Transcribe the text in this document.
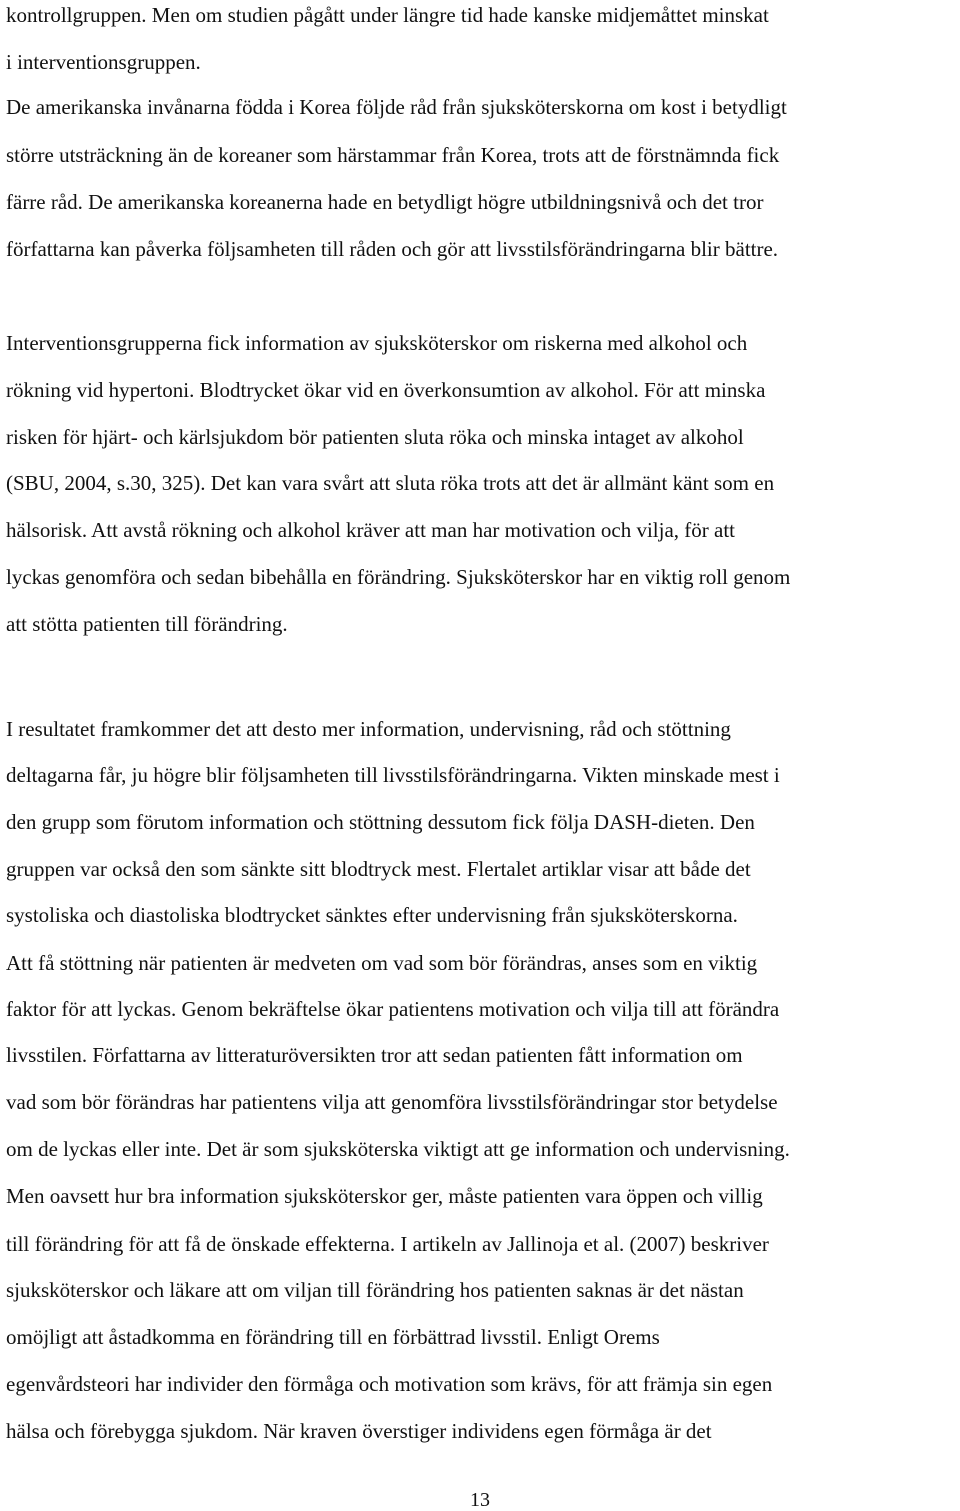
kontrollgruppen. Men om studien pågått under längre tid hade kanske midjemåttet minskat

i interventionsgruppen.

De amerikanska invånarna födda i Korea följde råd från sjuksköterskorna om kost i betydligt

större utsträckning än de koreaner som härstammar från Korea, trots att de förstnämnda fick

färre råd. De amerikanska koreanerna hade en betydligt högre utbildningsnivå och det tror

författarna kan påverka följsamheten till råden och gör att livsstilsförändringarna blir bättre.

Interventionsgrupperna fick information av sjuksköterskor om riskerna med alkohol och

rökning vid hypertoni. Blodtrycket ökar vid en överkonsumtion av alkohol. För att minska

risken för hjärt- och kärlsjukdom bör patienten sluta röka och minska intaget av alkohol

(SBU, 2004, s.30, 325). Det kan vara svårt att sluta röka trots att det är allmänt känt som en

hälsorisk. Att avstå rökning och alkohol kräver att man har motivation och vilja, för att

lyckas genomföra och sedan bibehålla en förändring. Sjuksköterskor har en viktig roll genom

att stötta patienten till förändring.

I resultatet framkommer det att desto mer information, undervisning, råd och stöttning

deltagarna får, ju högre blir följsamheten till livsstilsförändringarna. Vikten minskade mest i

den grupp som förutom information och stöttning dessutom fick följa DASH-dieten. Den

gruppen var också den som sänkte sitt blodtryck mest. Flertalet artiklar visar att både det

systoliska och diastoliska blodtrycket sänktes efter undervisning från sjuksköterskorna.

Att få stöttning när patienten är medveten om vad som bör förändras, anses som en viktig

faktor för att lyckas. Genom bekräftelse ökar patientens motivation och vilja till att förändra

livsstilen. Författarna av litteraturöversikten tror att sedan patienten fått information om

vad som bör förändras har patientens vilja att genomföra livsstilsförändringar stor betydelse

om de lyckas eller inte. Det är som sjuksköterska viktigt att ge information och undervisning.

Men oavsett hur bra information sjuksköterskor ger, måste patienten vara öppen och villig

till förändring för att få de önskade effekterna. I artikeln av Jallinoja et al. (2007) beskriver

sjuksköterskor och läkare att om viljan till förändring hos patienten saknas är det nästan

omöjligt att åstadkomma en förändring till en förbättrad livsstil. Enligt Orems

egenvårdsteori har individer den förmåga och motivation som krävs, för att främja sin egen

hälsa och förebygga sjukdom. När kraven överstiger individens egen förmåga är det

13
